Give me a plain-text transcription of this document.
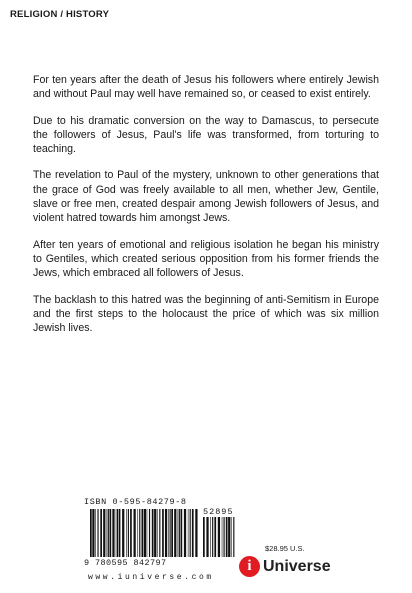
RELIGION / HISTORY

For ten years after the death of Jesus his followers where entirely Jewish and without Paul may well have remained so, or ceased to exist entirely.

Due to his dramatic conversion on the way to Damascus, to persecute the followers of Jesus, Paul's life was transformed, from torturing to teaching.

The revelation to Paul of the mystery, unknown to other generations that the grace of God was freely available to all men, whether Jew, Gentile, slave or free men, created despair among Jewish followers of Jesus, and violent hatred towards him amongst Jews.

After ten years of emotional and religious isolation he began his ministry to Gentiles, which created serious opposition from his former friends the Jews, which embraced all followers of Jesus.

The backlash to this hatred was the beginning of anti-Semitism in Europe and the first steps to the holocaust the price of which was six million Jewish lives.

ISBN 0-595-84279-8
52895
9 780595 842797
www.iuniverse.com
$28.95 U.S.
i Universe
